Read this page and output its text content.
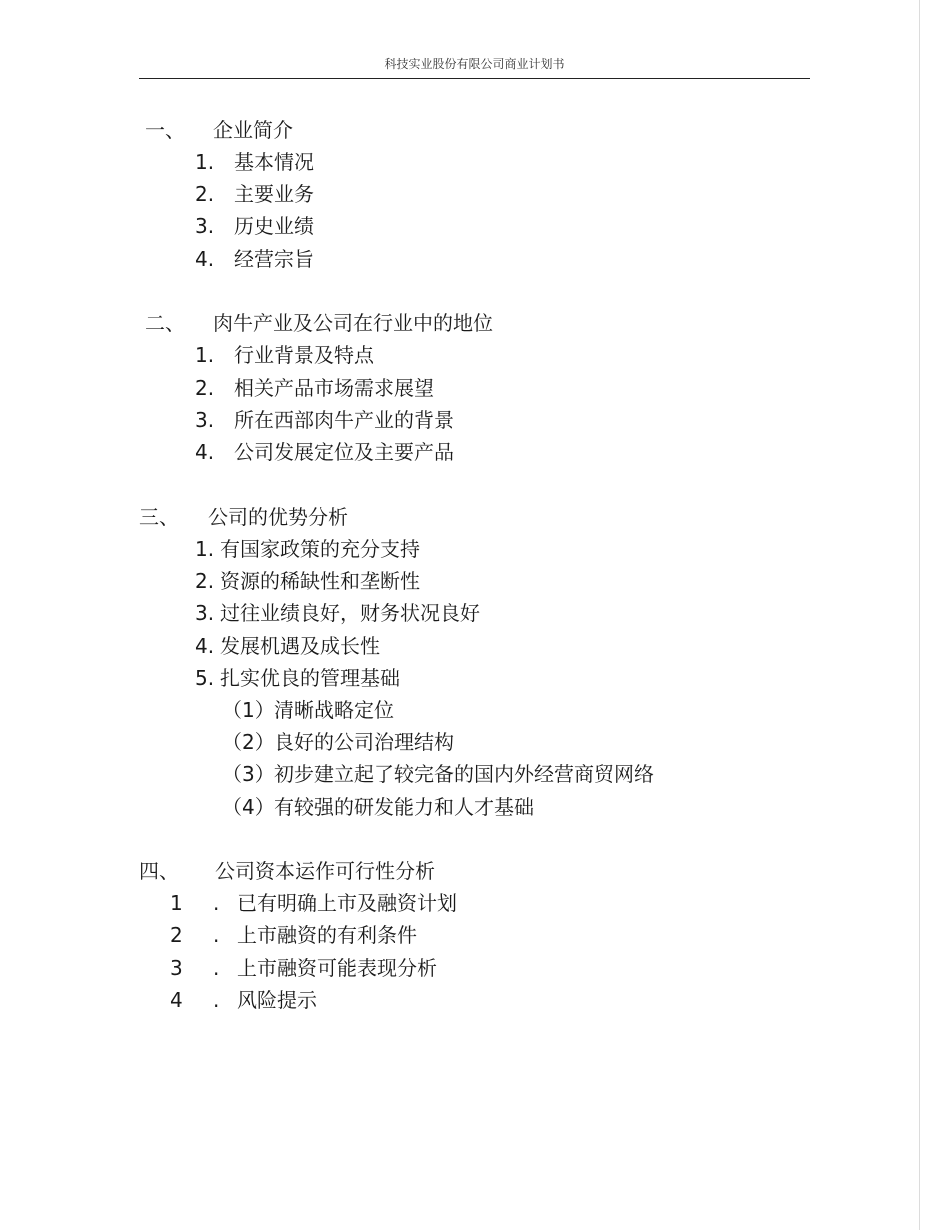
科技实业股份有限公司商业计划书
一、 企业简介
1. 基本情况
2. 主要业务
3. 历史业绩
4. 经营宗旨
二、 肉牛产业及公司在行业中的地位
1. 行业背景及特点
2. 相关产品市场需求展望
3. 所在西部肉牛产业的背景
4. 公司发展定位及主要产品
三、 公司的优势分析
1. 有国家政策的充分支持
2. 资源的稀缺性和垄断性
3. 过往业绩良好，财务状况良好
4. 发展机遇及成长性
5. 扎实优良的管理基础
（1） 清晰战略定位
（2） 良好的公司治理结构
（3） 初步建立起了较完备的国内外经营商贸网络
（4） 有较强的研发能力和人才基础
四、 公司资本运作可行性分析
1 . 已有明确上市及融资计划
2 . 上市融资的有利条件
3 . 上市融资可能表现分析
4 . 风险提示
